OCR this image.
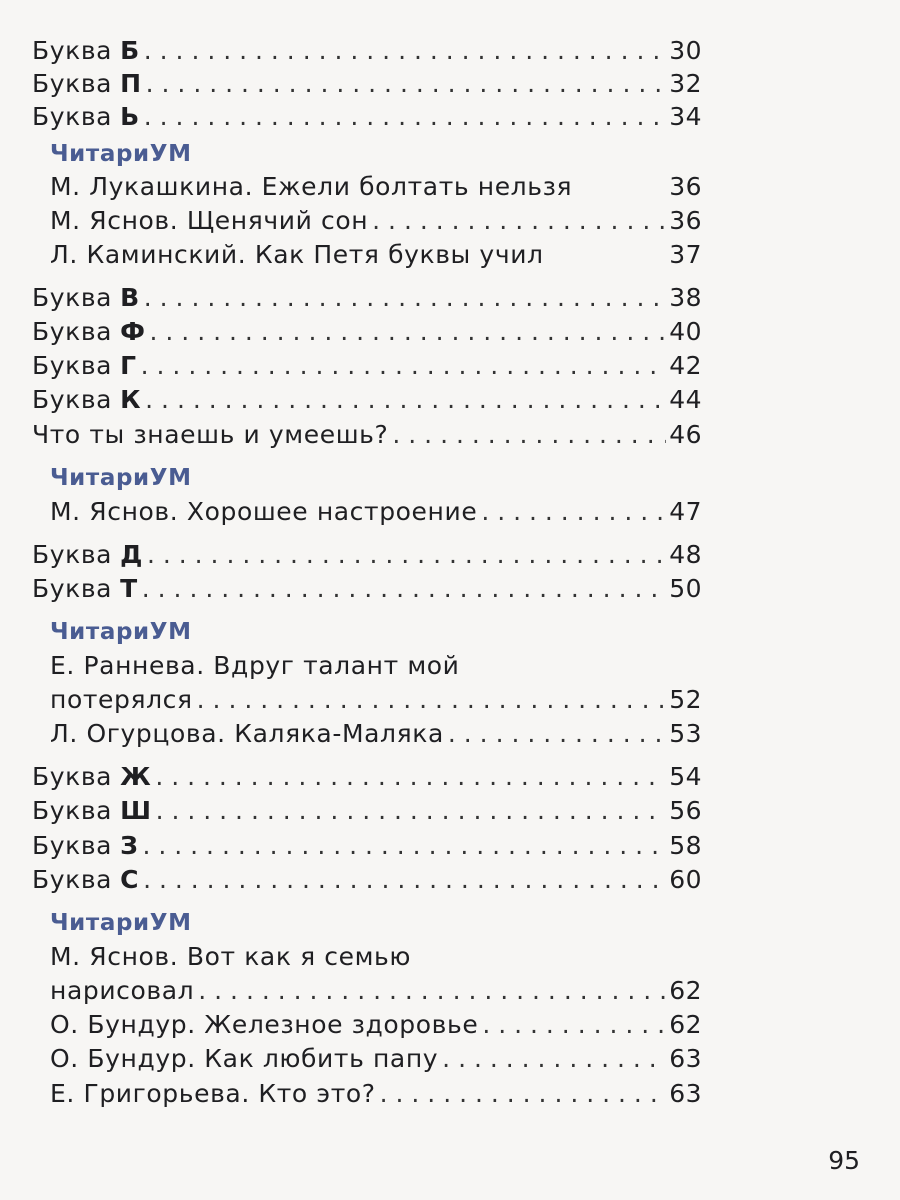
Буква Б . . .	30
Буква П . . .	32
Буква Ь . . .	34
ЧитариУМ
М. Лукашкина. Ежели болтать нельзя	36
М. Яснов. Щенячий сон . . .	36
Л. Каминский. Как Петя буквы учил	37
Буква В . . .	38
Буква Ф . . .	40
Буква Г . . .	42
Буква К . . .	44
Что ты знаешь и умеешь? . . .	46
ЧитариУМ
М. Яснов. Хорошее настроение . . .	47
Буква Д . . .	48
Буква Т . . .	50
ЧитариУМ
Е. Раннева. Вдруг талант мой
потерялся . . .	52
Л. Огурцова. Каляка-Маляка . . .	53
Буква Ж . . .	54
Буква Ш . . .	56
Буква З . . .	58
Буква С . . .	60
ЧитариУМ
М. Яснов. Вот как я семью
нарисовал . . .	62
О. Бундур. Железное здоровье . . .	62
О. Бундур. Как любить папу . . .	63
Е. Григорьева. Кто это? . . .	63
95
